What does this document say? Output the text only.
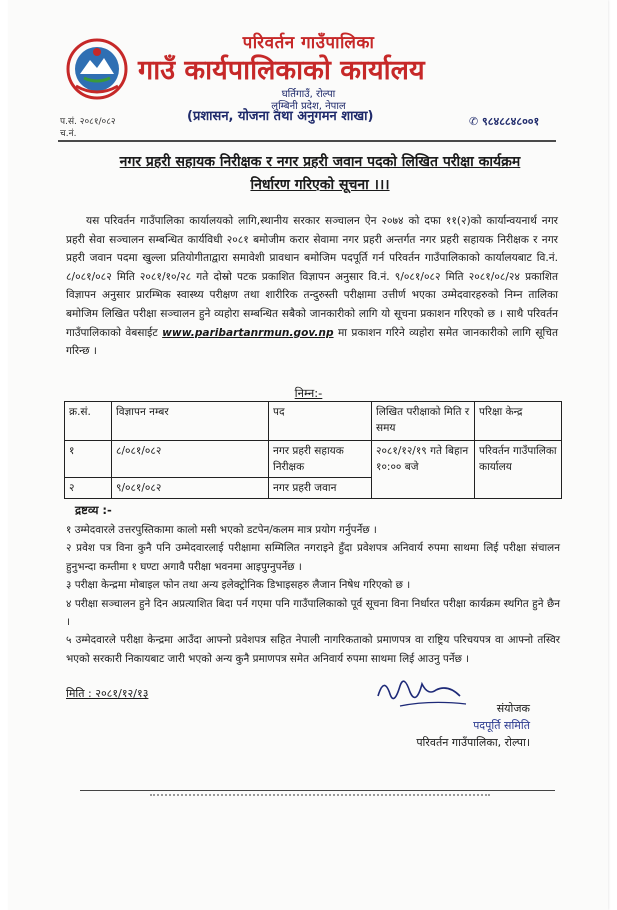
परिवर्तन गाउँपालिका
गाउँ कार्यपालिकाको कार्यालय
घर्तिगाउँ, रोल्पा
लुम्बिनी प्रदेश, नेपाल
(प्रशासन, योजना तथा अनुगमन शाखा)
प.सं. २०८१/०८२
च.नं.
✆ ९८४८८४८००१
नगर प्रहरी सहायक निरीक्षक र नगर प्रहरी जवान पदको लिखित परीक्षा कार्यक्रम
निर्धारण गरिएको सूचना ।।।
यस परिवर्तन गाउँपालिका कार्यालयको लागि,स्थानीय सरकार सञ्चालन ऐन २०७४ को दफा ११(२)को कार्यान्वयनार्थ नगर प्रहरी सेवा सञ्चालन सम्बन्धित कार्यविधी २०८१ बमोजीम करार सेवामा नगर प्रहरी अन्तर्गत नगर प्रहरी सहायक निरीक्षक र नगर प्रहरी जवान पदमा खुल्ला प्रतियोगीताद्वारा समावेशी प्रावधान बमोजिम पदपूर्ति गर्न परिवर्तन गाउँपालिकाको कार्यालयबाट वि.नं. ८/०८१/०८२ मिति २०८१/१०/२८ गते दोस्रो पटक प्रकाशित विज्ञापन अनुसार वि.नं. ९/०८१/०८२ मिति २०८१/०८/२४ प्रकाशित विज्ञापन अनुसार प्रारम्भिक स्वास्थ्य परीक्षण तथा शारीरिक तन्दुरुस्ती परीक्षामा उत्तीर्ण भएका उम्मेदवारहरुको निम्न तालिका बमोजिम लिखित परीक्षा सञ्चालन हुने व्यहोरा सम्बन्धित सबैको जानकारीको लागि यो सूचना प्रकाशन गरिएको छ । साथै परिवर्तन गाउँपालिकाको वेबसाईट www.paribartanrmun.gov.np मा प्रकाशन गरिने व्यहोरा समेत जानकारीको लागि सूचित गरिन्छ ।
निम्न:-
क्र.सं.	विज्ञापन नम्बर	पद	लिखित परीक्षाको मिति र समय	परिक्षा केन्द्र
१	८/०८१/०८२	नगर प्रहरी सहायक निरीक्षक	२०८१/१२/१९ गते बिहान १०:०० बजे	परिवर्तन गाउँपालिका कार्यालय
२	९/०८१/०८२	नगर प्रहरी जवान		
द्रष्टव्य :-
१ उम्मेदवारले उत्तरपुस्तिकामा कालो मसी भएको डटपेन/कलम मात्र प्रयोग गर्नुपर्नेछ ।
२ प्रवेश पत्र विना कुनै पनि उम्मेदवारलाई परीक्षामा सम्मिलित नगराइने हुँदा प्रवेशपत्र अनिवार्य रुपमा साथमा लिई परीक्षा संचालन हुनुभन्दा कम्तीमा १ घण्टा अगावै परीक्षा भवनमा आइपुग्नुपर्नेछ ।
३ परीक्षा केन्द्रमा मोबाइल फोन तथा अन्य इलेक्ट्रोनिक डिभाइसहरु लैजान निषेध गरिएको छ ।
४ परीक्षा सञ्चालन हुने दिन अप्रत्याशित बिदा पर्न गएमा पनि गाउँपालिकाको पूर्व सूचना विना निर्धारत परीक्षा कार्यक्रम स्थगित हुने छैन ।
५ उम्मेदवारले परीक्षा केन्द्रमा आउँदा आफ्नो प्रवेशपत्र सहित नेपाली नागरिकताको प्रमाणपत्र वा राष्ट्रिय परिचयपत्र वा आफ्नो तस्विर भएको सरकारी निकायबाट जारी भएको अन्य कुनै प्रमाणपत्र समेत अनिवार्य रुपमा साथमा लिई आउनु पर्नेछ ।
मिति : २०८१/१२/१३
संयोजक
पदपूर्ति समिति
परिवर्तन गाउँपालिका, रोल्पा।
